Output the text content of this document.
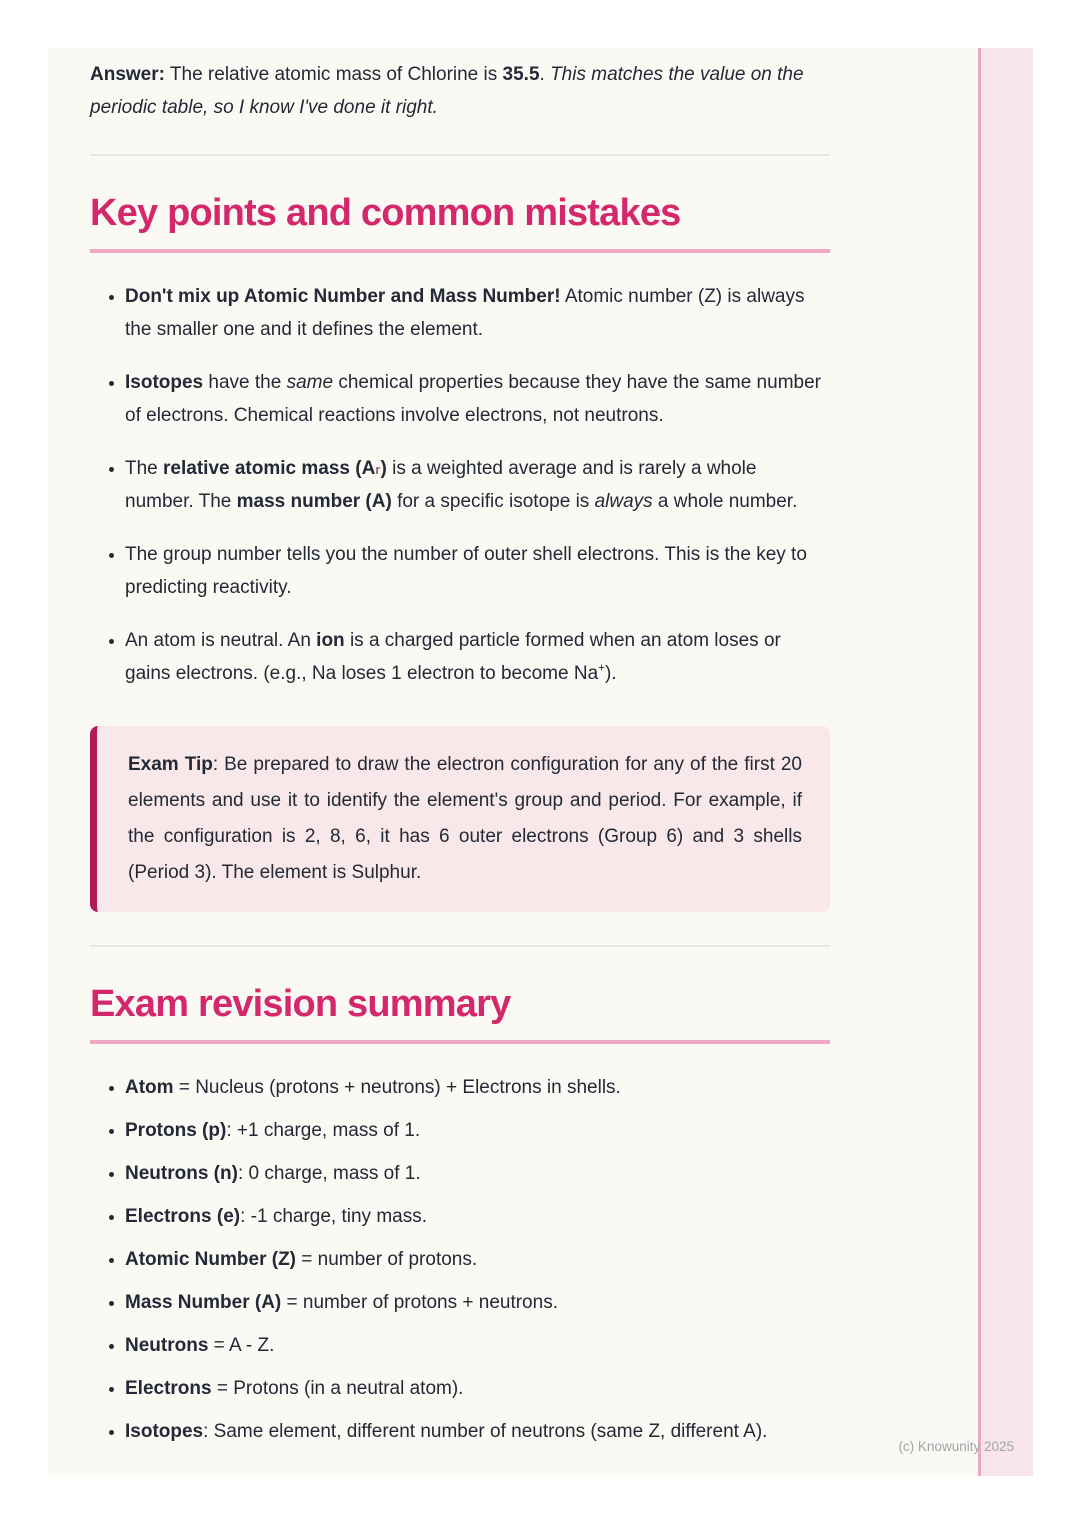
Answer: The relative atomic mass of Chlorine is 35.5. This matches the value on the periodic table, so I know I've done it right.

Key points and common mistakes
• Don't mix up Atomic Number and Mass Number! Atomic number (Z) is always the smaller one and it defines the element.
• Isotopes have the same chemical properties because they have the same number of electrons. Chemical reactions involve electrons, not neutrons.
• The relative atomic mass (Ar) is a weighted average and is rarely a whole number. The mass number (A) for a specific isotope is always a whole number.
• The group number tells you the number of outer shell electrons. This is the key to predicting reactivity.
• An atom is neutral. An ion is a charged particle formed when an atom loses or gains electrons. (e.g., Na loses 1 electron to become Na+).

Exam Tip: Be prepared to draw the electron configuration for any of the first 20 elements and use it to identify the element's group and period. For example, if the configuration is 2, 8, 6, it has 6 outer electrons (Group 6) and 3 shells (Period 3). The element is Sulphur.

Exam revision summary
• Atom = Nucleus (protons + neutrons) + Electrons in shells.
• Protons (p): +1 charge, mass of 1.
• Neutrons (n): 0 charge, mass of 1.
• Electrons (e): -1 charge, tiny mass.
• Atomic Number (Z) = number of protons.
• Mass Number (A) = number of protons + neutrons.
• Neutrons = A - Z.
• Electrons = Protons (in a neutral atom).
• Isotopes: Same element, different number of neutrons (same Z, different A).
(c) Knowunity 2025
